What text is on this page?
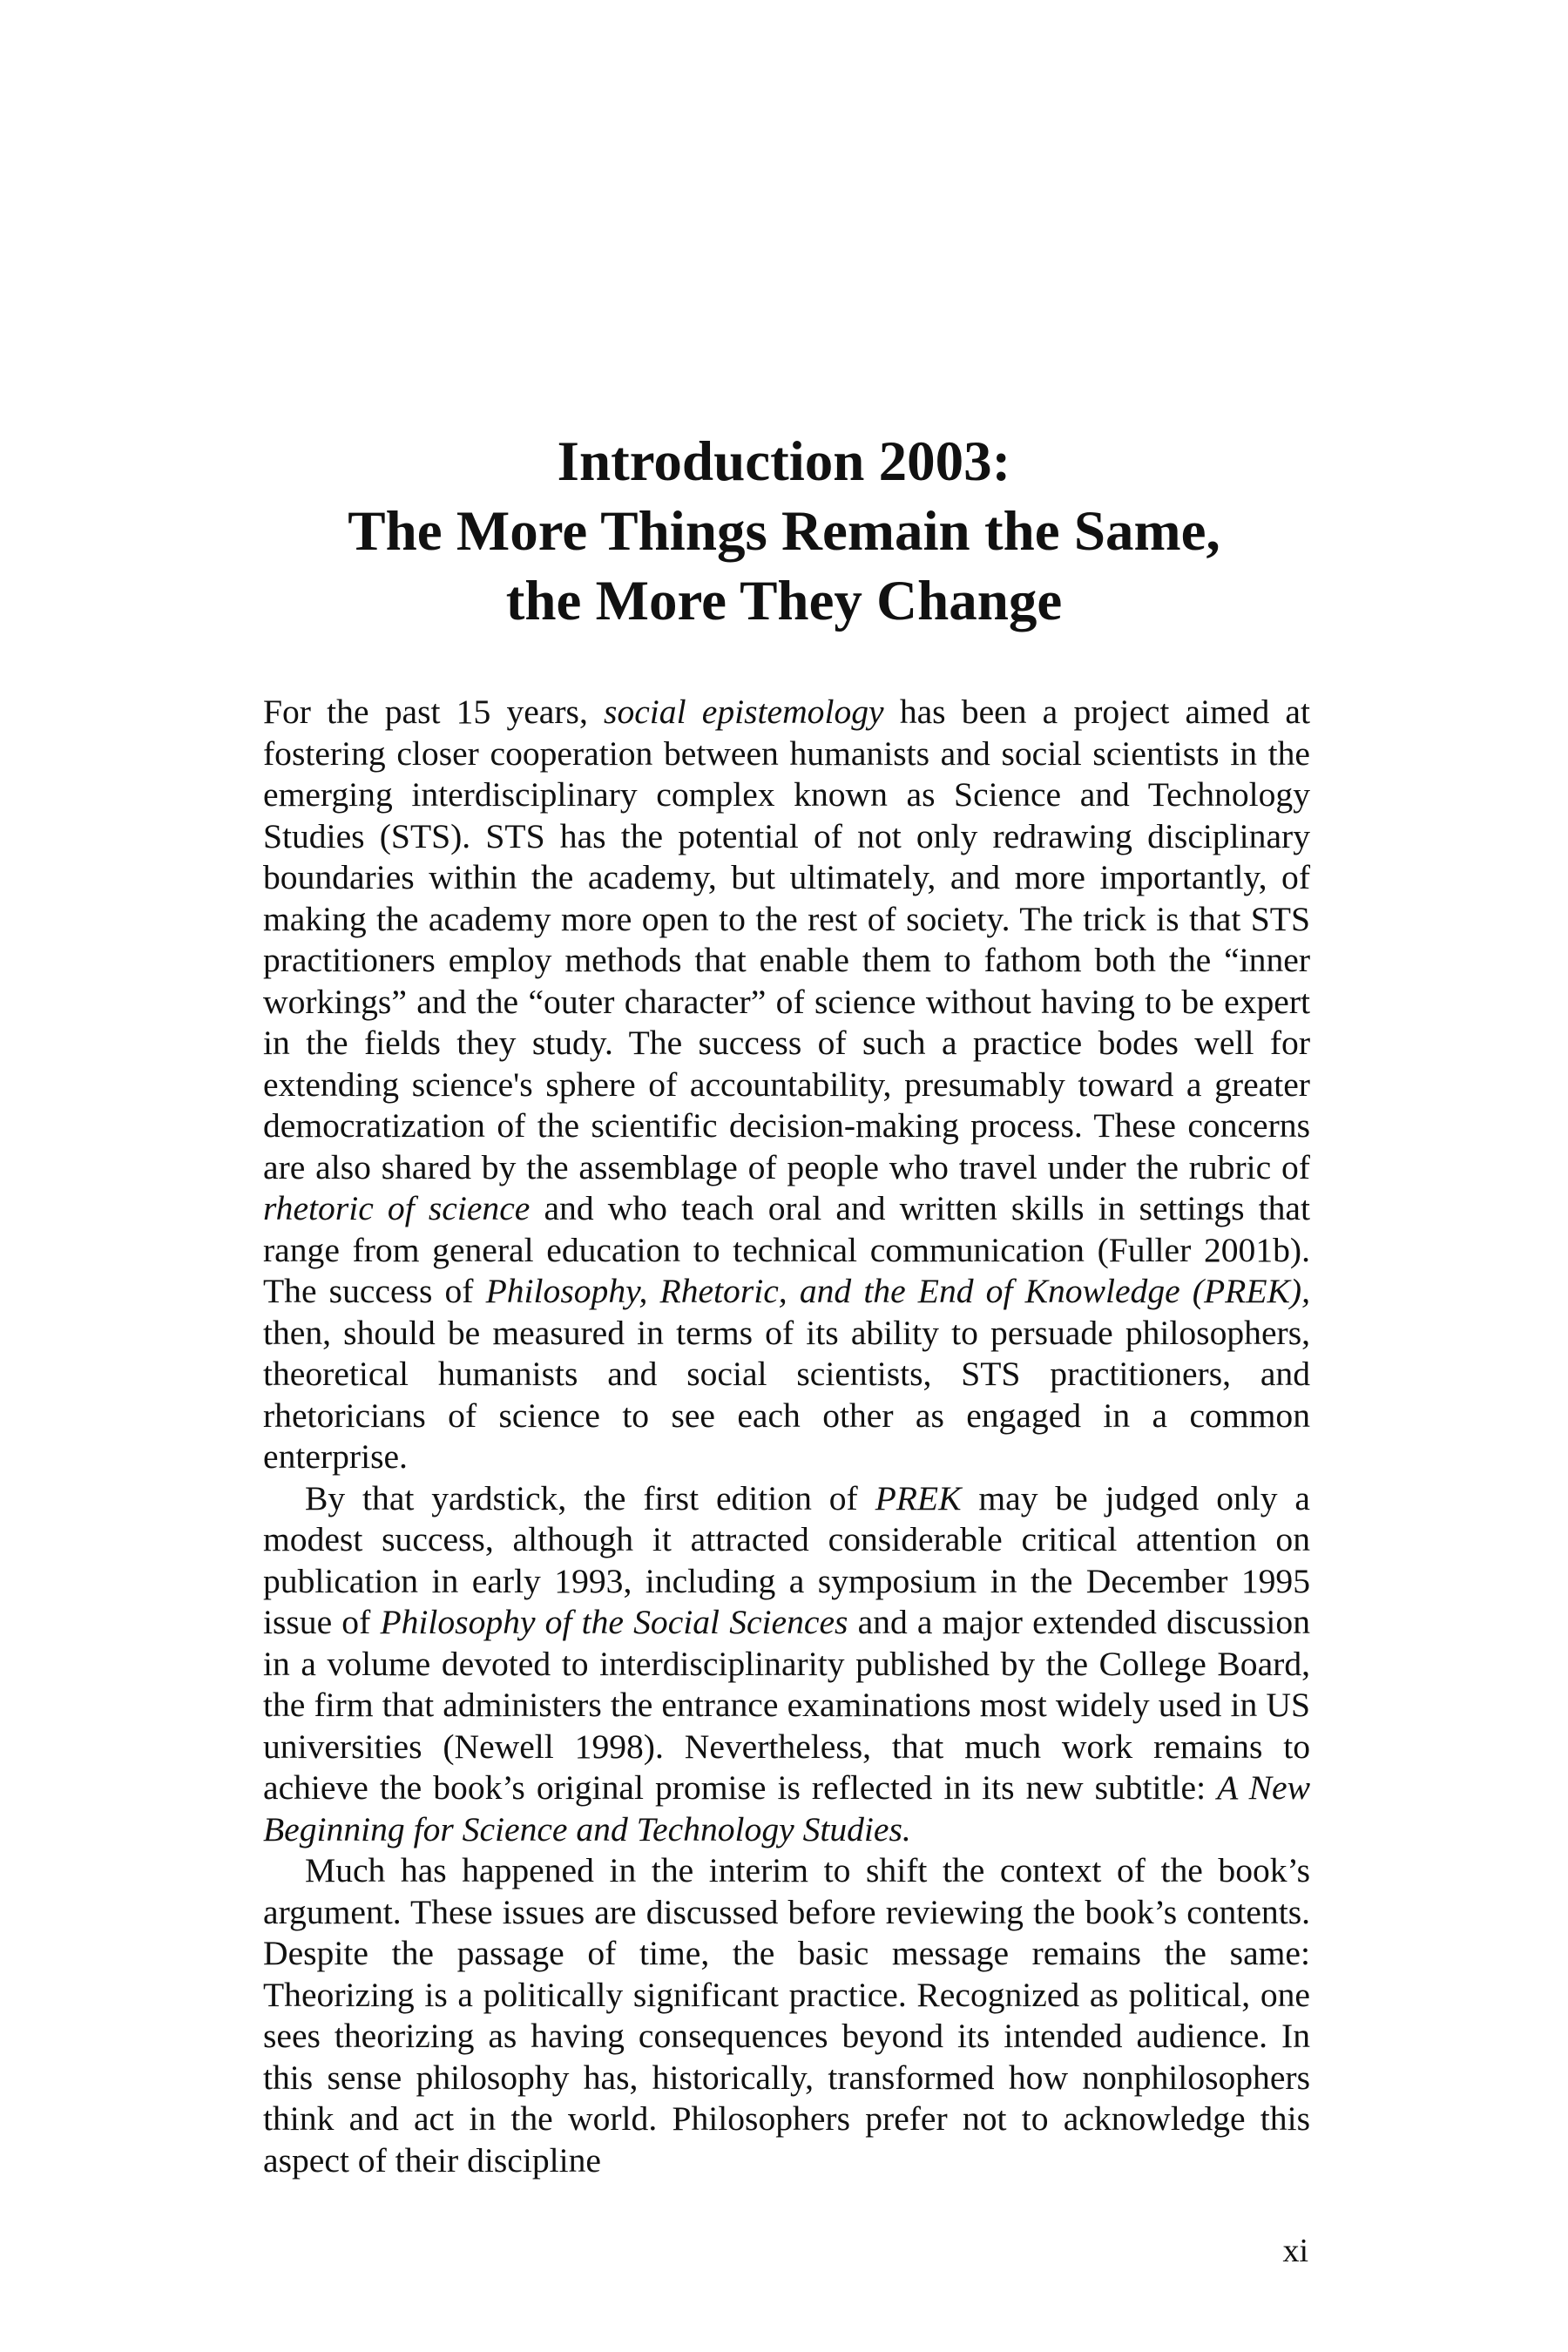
Introduction 2003:
The More Things Remain the Same,
the More They Change

For the past 15 years, social epistemology has been a project aimed at fostering closer cooperation between humanists and social scientists in the emerging interdisciplinary complex known as Science and Technology Studies (STS). STS has the potential of not only redrawing disciplinary boundaries within the academy, but ultimately, and more importantly, of making the academy more open to the rest of society. The trick is that STS practitioners employ methods that enable them to fathom both the “inner workings” and the “outer character” of science without having to be expert in the fields they study. The success of such a practice bodes well for extending science's sphere of accountability, presumably toward a greater democratization of the scientific decision-making process. These concerns are also shared by the assemblage of people who travel under the rubric of rhetoric of science and who teach oral and written skills in settings that range from general education to technical communication (Fuller 2001b). The success of Philosophy, Rhetoric, and the End of Knowledge (PREK), then, should be measured in terms of its ability to persuade philosophers, theoretical humanists and social scientists, STS practitioners, and rhetoricians of science to see each other as engaged in a common enterprise.

By that yardstick, the first edition of PREK may be judged only a modest success, although it attracted considerable critical attention on publication in early 1993, including a symposium in the December 1995 issue of Philosophy of the Social Sciences and a major extended discussion in a volume devoted to interdisciplinarity published by the College Board, the firm that administers the entrance examinations most widely used in US universities (Newell 1998). Nevertheless, that much work remains to achieve the book’s original promise is reflected in its new subtitle: A New Beginning for Science and Technology Studies.

Much has happened in the interim to shift the context of the book’s argument. These issues are discussed before reviewing the book’s contents. Despite the passage of time, the basic message remains the same: Theorizing is a politically significant practice. Recognized as political, one sees theorizing as having consequences beyond its intended audience. In this sense philosophy has, historically, transformed how nonphilosophers think and act in the world. Philosophers prefer not to acknowledge this aspect of their discipline

xi
